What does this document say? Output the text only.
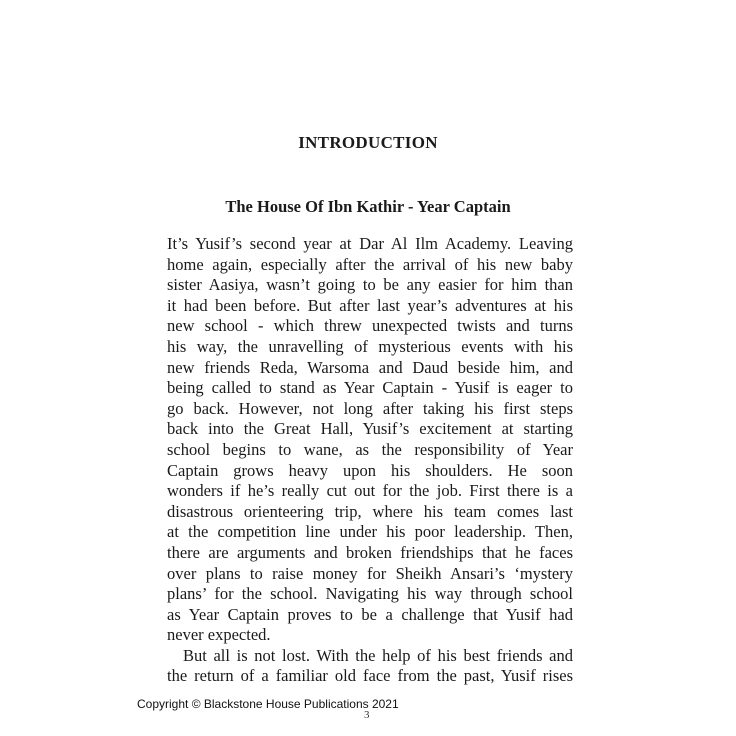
INTRODUCTION
The House Of Ibn Kathir - Year Captain
It’s Yusif’s second year at Dar Al Ilm Academy. Leaving
home again, especially after the arrival of his new baby
sister Aasiya, wasn’t going to be any easier for him than
it had been before. But after last year’s adventures at his
new school - which threw unexpected twists and turns
his way, the unravelling of mysterious events with his
new friends Reda, Warsoma and Daud beside him, and
being called to stand as Year Captain - Yusif is eager to
go back. However, not long after taking his first steps
back into the Great Hall, Yusif’s excitement at starting
school begins to wane, as the responsibility of Year
Captain grows heavy upon his shoulders. He soon
wonders if he’s really cut out for the job. First there is a
disastrous orienteering trip, where his team comes last
at the competition line under his poor leadership. Then,
there are arguments and broken friendships that he faces
over plans to raise money for Sheikh Ansari’s ‘mystery
plans’ for the school. Navigating his way through school
as Year Captain proves to be a challenge that Yusif had
never expected.
But all is not lost. With the help of his best friends and
the return of a familiar old face from the past, Yusif rises
Copyright © Blackstone House Publications 2021
3
